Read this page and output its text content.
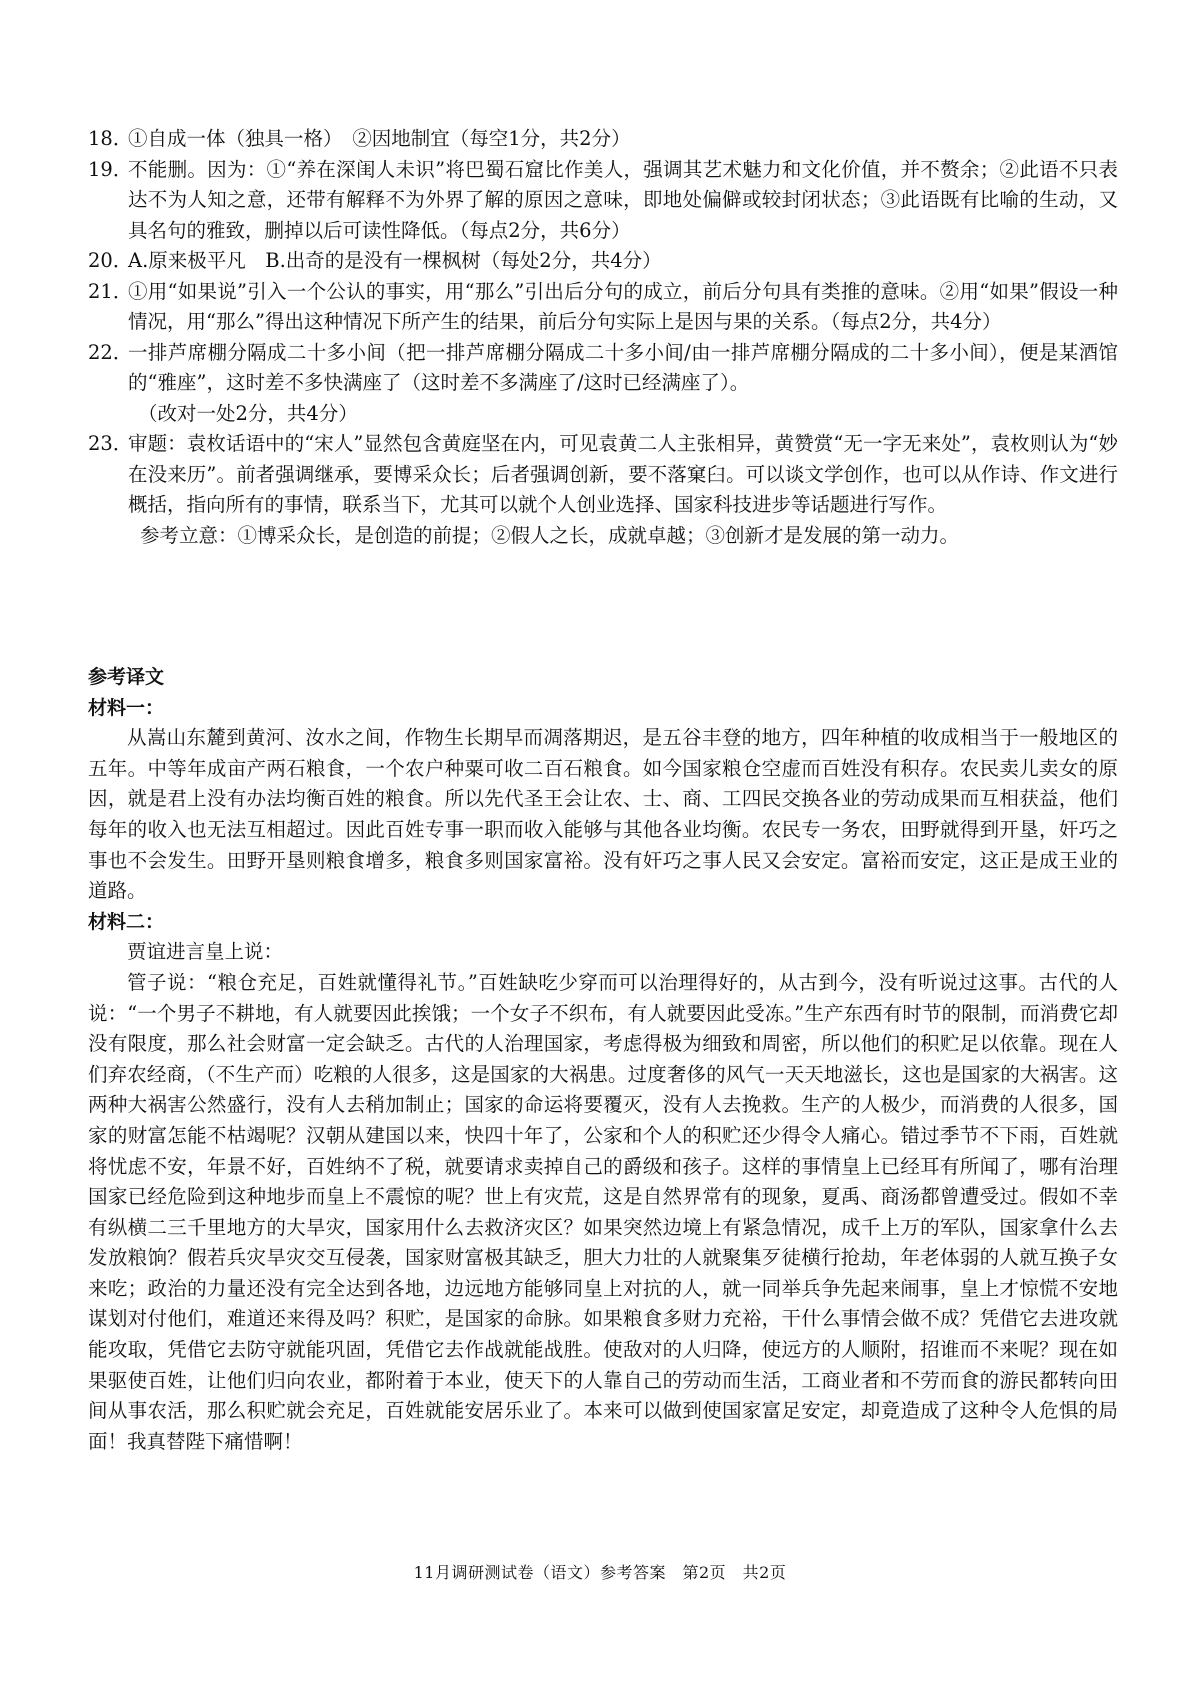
18．
①自成一体（独具一格）　②因地制宜（每空1分，共2分）
19．
不能删。因为：①“养在深闺人未识”将巴蜀石窟比作美人，强调其艺术魅力和文化价值，并不赘余；②此语不只表达不为人知之意，还带有解释不为外界了解的原因之意味，即地处偏僻或较封闭状态；③此语既有比喻的生动，又具名句的雅致，删掉以后可读性降低。（每点2分，共6分）
20．
A.原来极平凡　B.出奇的是没有一棵枫树（每处2分，共4分）
21．
①用“如果说”引入一个公认的事实，用“那么”引出后分句的成立，前后分句具有类推的意味。②用“如果”假设一种情况，用“那么”得出这种情况下所产生的结果，前后分句实际上是因与果的关系。（每点2分，共4分）
22．
一排芦席棚分隔成二十多小间（把一排芦席棚分隔成二十多小间/由一排芦席棚分隔成的二十多小间），便是某酒馆的“雅座”，这时差不多快满座了（这时差不多满座了/这时已经满座了）。
（改对一处2分，共4分）
23．
审题：袁枚话语中的“宋人”显然包含黄庭坚在内，可见袁黄二人主张相异，黄赞赏“无一字无来处”，袁枚则认为“妙在没来历”。前者强调继承，要博采众长；后者强调创新，要不落窠臼。可以谈文学创作，也可以从作诗、作文进行概括，指向所有的事情，联系当下，尤其可以就个人创业选择、国家科技进步等话题进行写作。
参考立意：①博采众长，是创造的前提；②假人之长，成就卓越；③创新才是发展的第一动力。
参考译文
材料一：

从嵩山东麓到黄河、汝水之间，作物生长期早而凋落期迟，是五谷丰登的地方，四年种植的收成相当于一般地区的五年。中等年成亩产两石粮食，一个农户种粟可收二百石粮食。如今国家粮仓空虚而百姓没有积存。农民卖儿卖女的原因，就是君上没有办法均衡百姓的粮食。所以先代圣王会让农、士、商、工四民交换各业的劳动成果而互相获益，他们每年的收入也无法互相超过。因此百姓专事一职而收入能够与其他各业均衡。农民专一务农，田野就得到开垦，奸巧之事也不会发生。田野开垦则粮食增多，粮食多则国家富裕。没有奸巧之事人民又会安定。富裕而安定，这正是成王业的道路。

材料二：

贾谊进言皇上说：

管子说：“粮仓充足，百姓就懂得礼节。”百姓缺吃少穿而可以治理得好的，从古到今，没有听说过这事。古代的人说：“一个男子不耕地，有人就要因此挨饿；一个女子不织布，有人就要因此受冻。”生产东西有时节的限制，而消费它却没有限度，那么社会财富一定会缺乏。古代的人治理国家，考虑得极为细致和周密，所以他们的积贮足以依靠。现在人们弃农经商，（不生产而）吃粮的人很多，这是国家的大祸患。过度奢侈的风气一天天地滋长，这也是国家的大祸害。这两种大祸害公然盛行，没有人去稍加制止；国家的命运将要覆灭，没有人去挽救。生产的人极少，而消费的人很多，国家的财富怎能不枯竭呢？汉朝从建国以来，快四十年了，公家和个人的积贮还少得令人痛心。错过季节不下雨，百姓就将忧虑不安，年景不好，百姓纳不了税，就要请求卖掉自己的爵级和孩子。这样的事情皇上已经耳有所闻了，哪有治理国家已经危险到这种地步而皇上不震惊的呢？世上有灾荒，这是自然界常有的现象，夏禹、商汤都曾遭受过。假如不幸有纵横二三千里地方的大旱灾，国家用什么去救济灾区？如果突然边境上有紧急情况，成千上万的军队，国家拿什么去发放粮饷？假若兵灾旱灾交互侵袭，国家财富极其缺乏，胆大力壮的人就聚集歹徒横行抢劫，年老体弱的人就互换子女来吃；政治的力量还没有完全达到各地，边远地方能够同皇上对抗的人，就一同举兵争先起来闹事，皇上才惊慌不安地谋划对付他们，难道还来得及吗？积贮，是国家的命脉。如果粮食多财力充裕，干什么事情会做不成？凭借它去进攻就能攻取，凭借它去防守就能巩固，凭借它去作战就能战胜。使敌对的人归降，使远方的人顺附，招谁而不来呢？现在如果驱使百姓，让他们归向农业，都附着于本业，使天下的人靠自己的劳动而生活，工商业者和不劳而食的游民都转向田间从事农活，那么积贮就会充足，百姓就能安居乐业了。本来可以做到使国家富足安定，却竟造成了这种令人危惧的局面！我真替陛下痛惜啊！

11月调研测试卷（语文）参考答案　第2页　共2页
